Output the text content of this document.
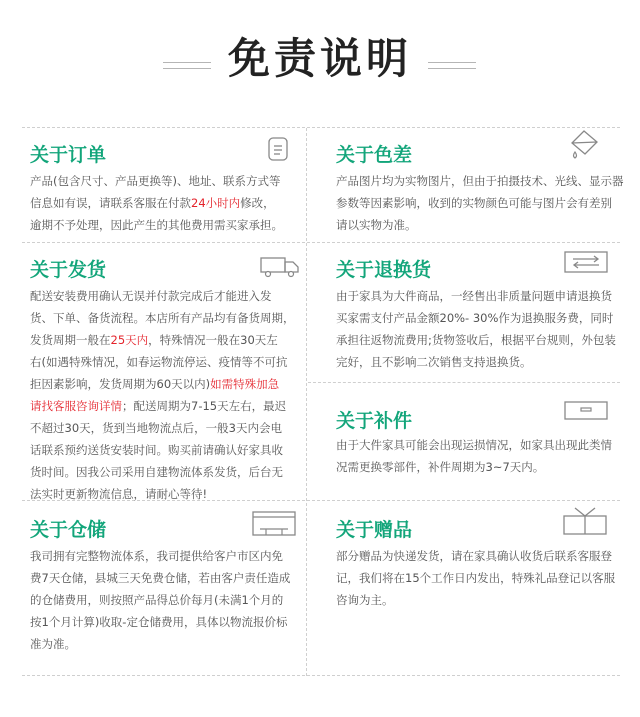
免责说明
关于订单
产品(包含尺寸、产品更换等)、地址、联系方式等
信息如有误，请联系客服在付款24小时内修改，
逾期不予处理，因此产生的其他费用需买家承担。
关于色差
产品图片均为实物图片，但由于拍摄技术、光线、显示器
参数等因素影响，收到的实物颜色可能与图片会有差别
请以实物为准。
关于发货
配送安装费用确认无误并付款完成后才能进入发
货、下单、备货流程。本店所有产品均有备货周期，
发货周期一般在25天内，特殊情况一般在30天左
右(如遇特殊情况，如春运物流停运、疫情等不可抗
拒因素影响，发货周期为60天以内)如需特殊加急
请找客服咨询详情；配送周期为7-15天左右，最迟
不超过30天，货到当地物流点后，一般3天内会电
话联系预约送货安装时间。购买前请确认好家具收
货时间。因我公司采用自建物流体系发货，后台无
法实时更新物流信息，请耐心等待!
关于退换货
由于家具为大件商品，一经售出非质量问题申请退换货
买家需支付产品金额20%- 30%作为退换服务费，同时
承担往返物流费用;货物签收后，根据平台规则，外包装
完好，且不影响二次销售支持退换货。
关于补件
由于大件家具可能会出现运损情况，如家具出现此类情
况需更换零部件，补件周期为3~7天内。
关于仓储
我司拥有完整物流体系，我司提供给客户市区内免
费7天仓储，县城三天免费仓储，若由客户责任造成
的仓储费用，则按照产品得总价每月(未满1个月的
按1个月计算)收取-定仓储费用，具体以物流报价标
准为准。
关于赠品
部分赠品为快递发货，请在家具确认收货后联系客服登
记，我们将在15个工作日内发出，特殊礼品登记以客服
咨询为主。
